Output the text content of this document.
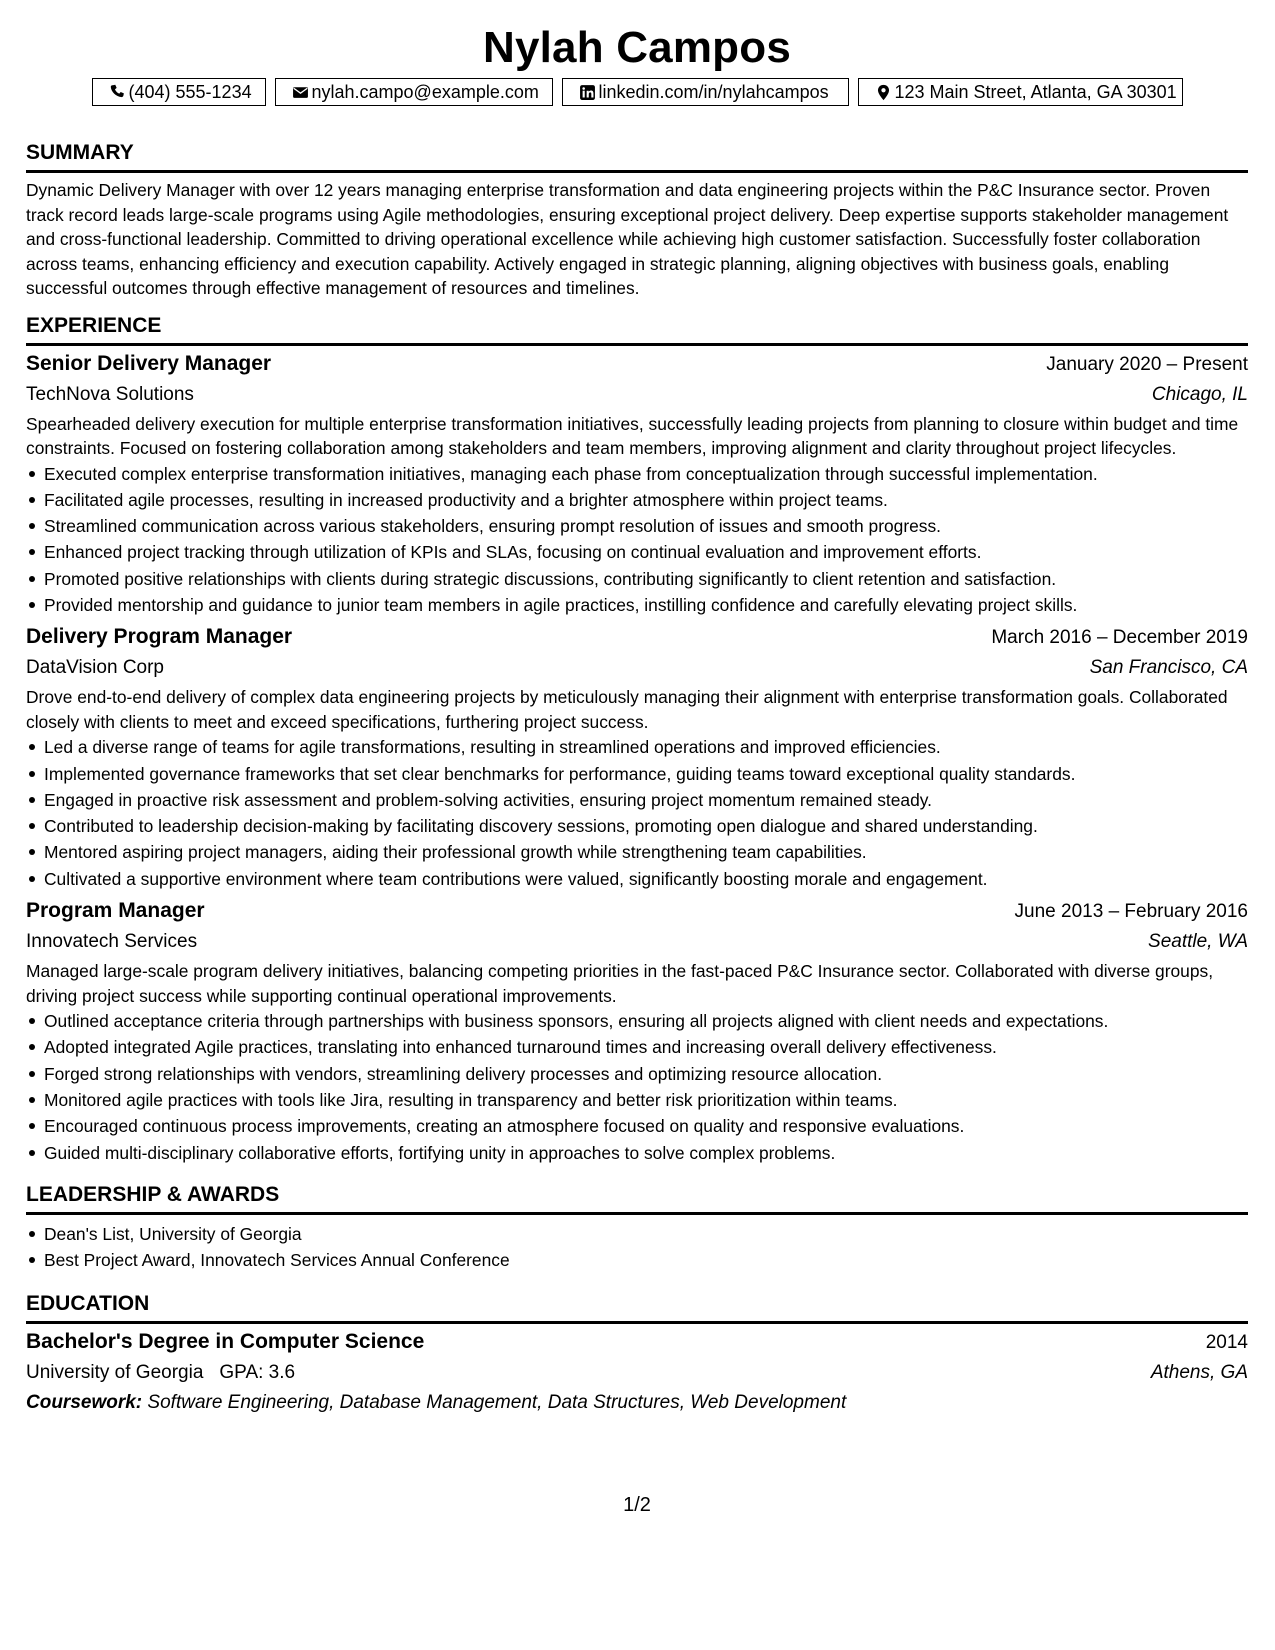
Nylah Campos
(404) 555-1234	nylah.campo@example.com	linkedin.com/in/nylahcampos	123 Main Street, Atlanta, GA 30301
SUMMARY

Dynamic Delivery Manager with over 12 years managing enterprise transformation and data engineering projects within the P&C Insurance sector. Proven track record leads large-scale programs using Agile methodologies, ensuring exceptional project delivery. Deep expertise supports stakeholder management and cross-functional leadership. Committed to driving operational excellence while achieving high customer satisfaction. Successfully foster collaboration across teams, enhancing efficiency and execution capability. Actively engaged in strategic planning, aligning objectives with business goals, enabling successful outcomes through effective management of resources and timelines.

EXPERIENCE
Senior Delivery Manager	January 2020 – Present
TechNova Solutions	Chicago, IL

Spearheaded delivery execution for multiple enterprise transformation initiatives, successfully leading projects from planning to closure within budget and time constraints. Focused on fostering collaboration among stakeholders and team members, improving alignment and clarity throughout project lifecycles.

Executed complex enterprise transformation initiatives, managing each phase from conceptualization through successful implementation.
Facilitated agile processes, resulting in increased productivity and a brighter atmosphere within project teams.
Streamlined communication across various stakeholders, ensuring prompt resolution of issues and smooth progress.
Enhanced project tracking through utilization of KPIs and SLAs, focusing on continual evaluation and improvement efforts.
Promoted positive relationships with clients during strategic discussions, contributing significantly to client retention and satisfaction.
Provided mentorship and guidance to junior team members in agile practices, instilling confidence and carefully elevating project skills.
Delivery Program Manager	March 2016 – December 2019
DataVision Corp	San Francisco, CA

Drove end-to-end delivery of complex data engineering projects by meticulously managing their alignment with enterprise transformation goals. Collaborated closely with clients to meet and exceed specifications, furthering project success.

Led a diverse range of teams for agile transformations, resulting in streamlined operations and improved efficiencies.
Implemented governance frameworks that set clear benchmarks for performance, guiding teams toward exceptional quality standards.
Engaged in proactive risk assessment and problem-solving activities, ensuring project momentum remained steady.
Contributed to leadership decision-making by facilitating discovery sessions, promoting open dialogue and shared understanding.
Mentored aspiring project managers, aiding their professional growth while strengthening team capabilities.
Cultivated a supportive environment where team contributions were valued, significantly boosting morale and engagement.
Program Manager	June 2013 – February 2016
Innovatech Services	Seattle, WA

Managed large-scale program delivery initiatives, balancing competing priorities in the fast-paced P&C Insurance sector. Collaborated with diverse groups, driving project success while supporting continual operational improvements.

Outlined acceptance criteria through partnerships with business sponsors, ensuring all projects aligned with client needs and expectations.
Adopted integrated Agile practices, translating into enhanced turnaround times and increasing overall delivery effectiveness.
Forged strong relationships with vendors, streamlining delivery processes and optimizing resource allocation.
Monitored agile practices with tools like Jira, resulting in transparency and better risk prioritization within teams.
Encouraged continuous process improvements, creating an atmosphere focused on quality and responsive evaluations.
Guided multi-disciplinary collaborative efforts, fortifying unity in approaches to solve complex problems.
LEADERSHIP & AWARDS
Dean's List, University of Georgia
Best Project Award, Innovatech Services Annual Conference
EDUCATION
Bachelor's Degree in Computer Science	2014
University of Georgia GPA: 3.6	Athens, GA
Coursework: Software Engineering, Database Management, Data Structures, Web Development
1/2
